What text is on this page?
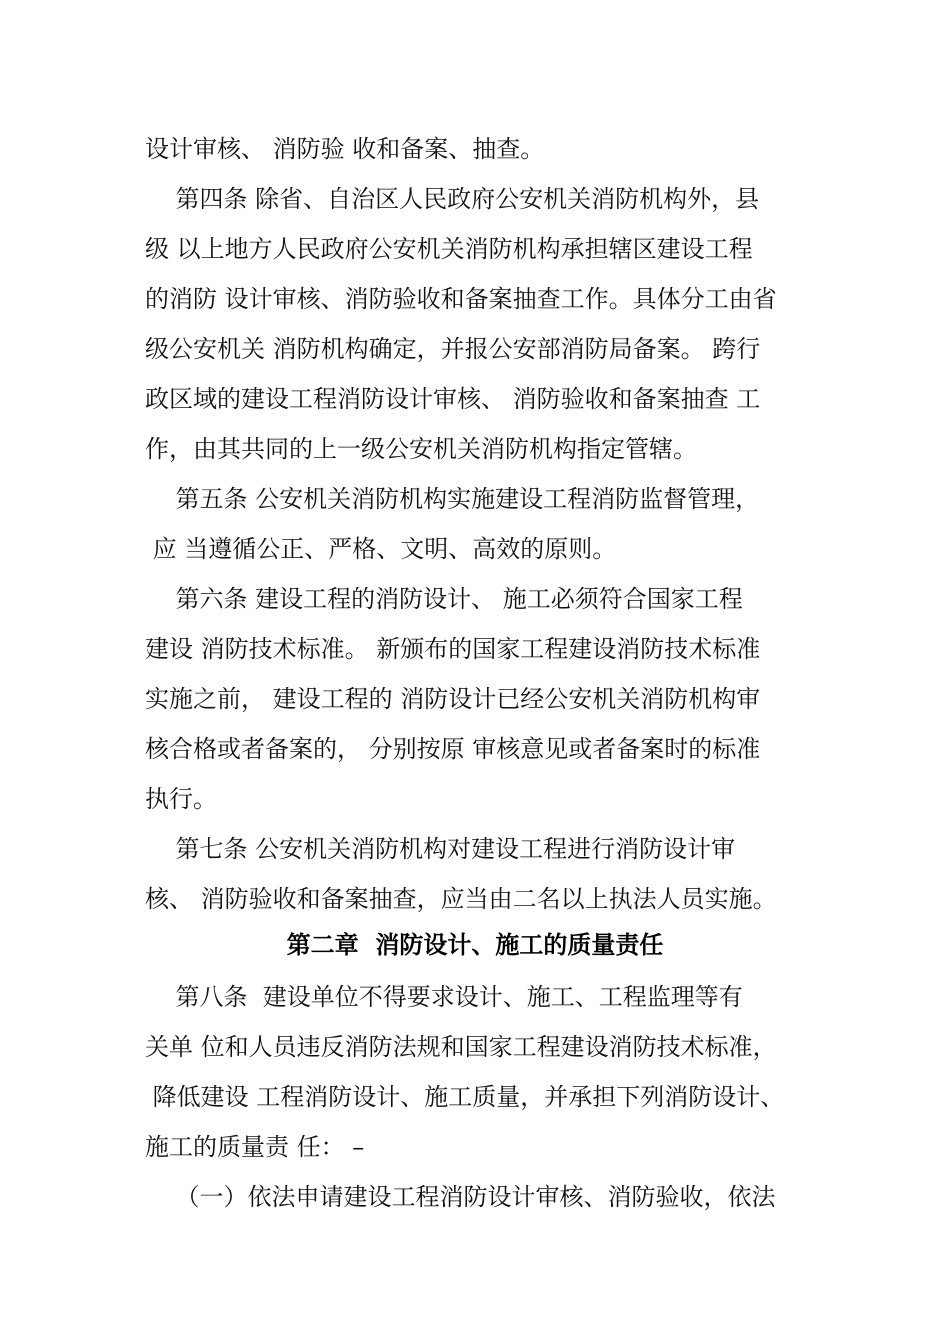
设计审核、 消防验 收和备案、抽查。
第四条 除省、自治区人民政府公安机关消防机构外，县
级 以上地方人民政府公安机关消防机构承担辖区建设工程
的消防 设计审核、消防验收和备案抽查工作。具体分工由省
级公安机关 消防机构确定，并报公安部消防局备案。 跨行
政区域的建设工程消防设计审核、 消防验收和备案抽查 工
作，由其共同的上一级公安机关消防机构指定管辖。
第五条 公安机关消防机构实施建设工程消防监督管理，
应 当遵循公正、严格、文明、高效的原则。
第六条 建设工程的消防设计、 施工必须符合国家工程
建设 消防技术标准。 新颁布的国家工程建设消防技术标准
实施之前， 建设工程的 消防设计已经公安机关消防机构审
核合格或者备案的， 分别按原 审核意见或者备案时的标准
执行。
第七条 公安机关消防机构对建设工程进行消防设计审
核、 消防验收和备案抽查，应当由二名以上执法人员实施。
第二章  消防设计、施工的质量责任
第八条  建设单位不得要求设计、施工、工程监理等有
关单 位和人员违反消防法规和国家工程建设消防技术标准，
降低建设 工程消防设计、施工质量，并承担下列消防设计、
施工的质量责 任： –
（一）依法申请建设工程消防设计审核、消防验收，依法
